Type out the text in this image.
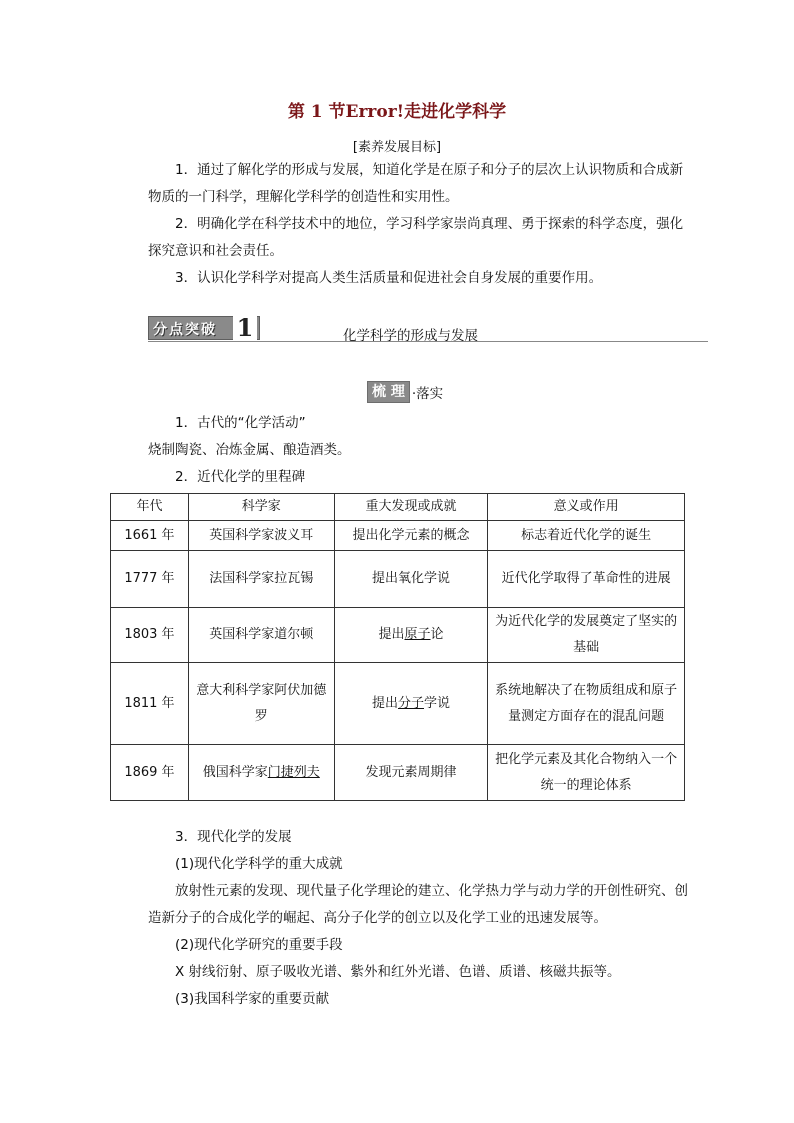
第 1 节Error!走进化学科学
[素养发展目标]
1．通过了解化学的形成与发展，知道化学是在原子和分子的层次上认识物质和合成新物质的一门科学，理解化学科学的创造性和实用性。
2．明确化学在科学技术中的地位，学习科学家崇尚真理、勇于探索的科学态度，强化探究意识和社会责任。
3．认识化学科学对提高人类生活质量和促进社会自身发展的重要作用。
分点突破 1	化学科学的形成与发展
梳 理 ·落实
1．古代的“化学活动”
烧制陶瓷、冶炼金属、酿造酒类。
2．近代化学的里程碑
年代	科学家	重大发现或成就	意义或作用
1661 年	英国科学家波义耳	提出化学元素的概念	标志着近代化学的诞生
1777 年	法国科学家拉瓦锡	提出氧化学说	近代化学取得了革命性的进展
1803 年	英国科学家道尔顿	提出原子论	为近代化学的发展奠定了坚实的基础
1811 年	意大利科学家阿伏加德罗	提出分子学说	系统地解决了在物质组成和原子量测定方面存在的混乱问题
1869 年	俄国科学家门捷列夫	发现元素周期律	把化学元素及其化合物纳入一个统一的理论体系
3．现代化学的发展
(1)现代化学科学的重大成就
放射性元素的发现、现代量子化学理论的建立、化学热力学与动力学的开创性研究、创造新分子的合成化学的崛起、高分子化学的创立以及化学工业的迅速发展等。
(2)现代化学研究的重要手段
X 射线衍射、原子吸收光谱、紫外和红外光谱、色谱、质谱、核磁共振等。
(3)我国科学家的重要贡献
